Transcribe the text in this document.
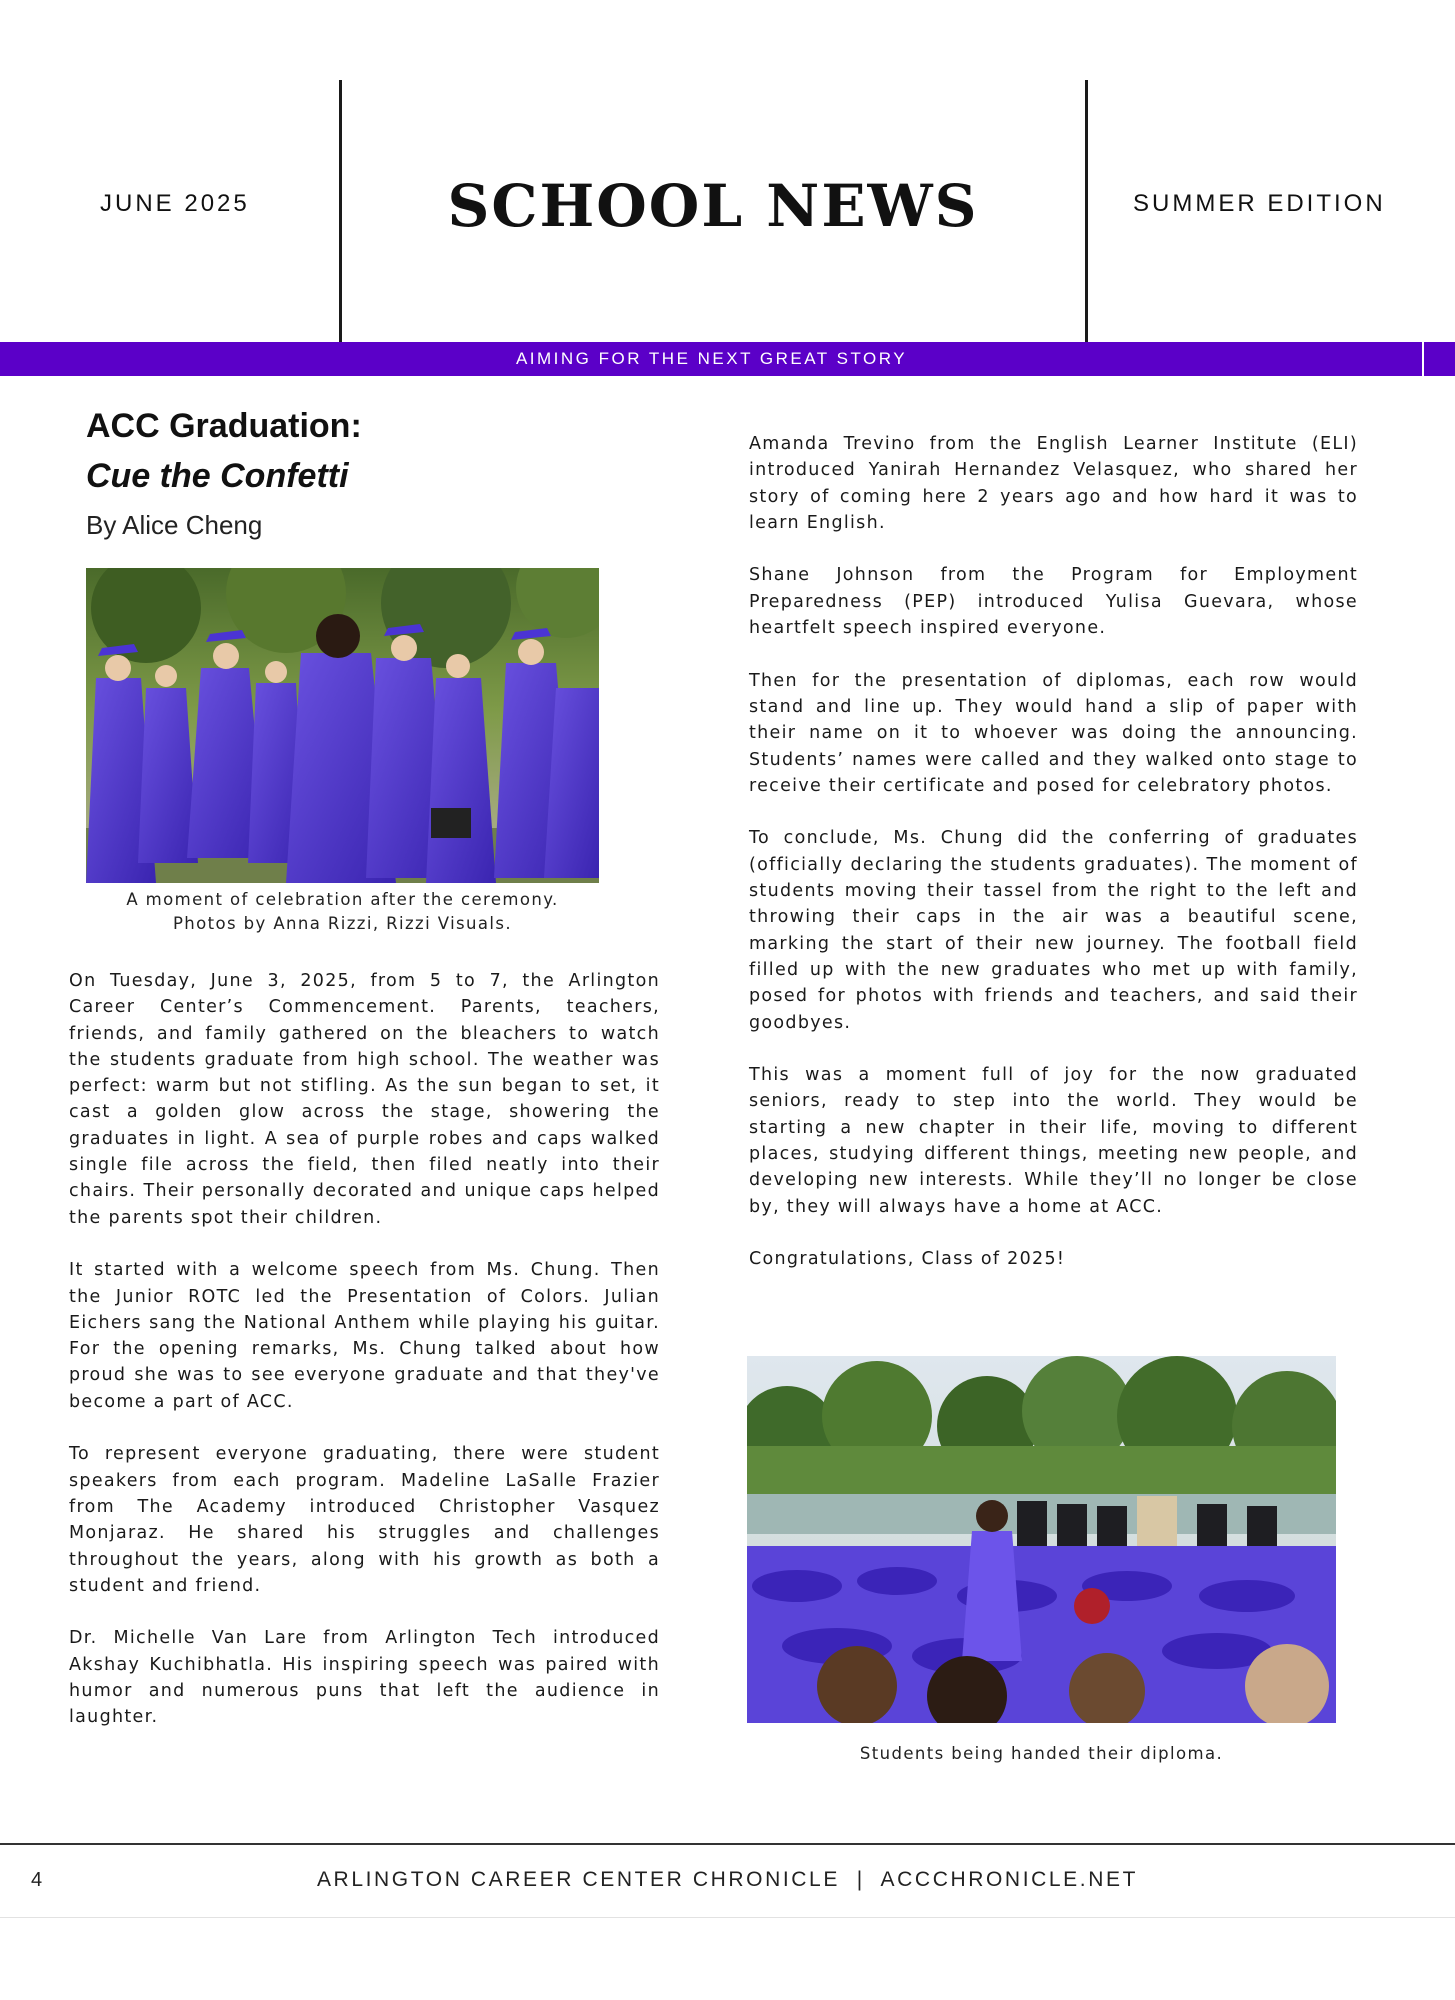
JUNE 2025	SCHOOL NEWS	SUMMER EDITION
AIMING FOR THE NEXT GREAT STORY
ACC Graduation:
Cue the Confetti
By Alice Cheng
A moment of celebration after the ceremony.
Photos by Anna Rizzi, Rizzi Visuals.

On Tuesday, June 3, 2025, from 5 to 7, the Arlington Career Center’s Commencement. Parents, teachers, friends, and family gathered on the bleachers to watch the students graduate from high school. The weather was perfect: warm but not stifling. As the sun began to set, it cast a golden glow across the stage, showering the graduates in light. A sea of purple robes and caps walked single file across the field, then filed neatly into their chairs. Their personally decorated and unique caps helped the parents spot their children.

It started with a welcome speech from Ms. Chung. Then the Junior ROTC led the Presentation of Colors. Julian Eichers sang the National Anthem while playing his guitar. For the opening remarks, Ms. Chung talked about how proud she was to see everyone graduate and that they've become a part of ACC.

To represent everyone graduating, there were student speakers from each program. Madeline LaSalle Frazier from The Academy introduced Christopher Vasquez Monjaraz. He shared his struggles and challenges throughout the years, along with his growth as both a student and friend.

Dr. Michelle Van Lare from Arlington Tech introduced Akshay Kuchibhatla. His inspiring speech was paired with humor and numerous puns that left the audience in laughter.

Amanda Trevino from the English Learner Institute (ELI) introduced Yanirah Hernandez Velasquez, who shared her story of coming here 2 years ago and how hard it was to learn English.

Shane Johnson from the Program for Employment Preparedness (PEP) introduced Yulisa Guevara, whose heartfelt speech inspired everyone.

Then for the presentation of diplomas, each row would stand and line up. They would hand a slip of paper with their name on it to whoever was doing the announcing. Students’ names were called and they walked onto stage to receive their certificate and posed for celebratory photos.

To conclude, Ms. Chung did the conferring of graduates (officially declaring the students graduates). The moment of students moving their tassel from the right to the left and throwing their caps in the air was a beautiful scene, marking the start of their new journey. The football field filled up with the new graduates who met up with family, posed for photos with friends and teachers, and said their goodbyes.

This was a moment full of joy for the now graduated seniors, ready to step into the world. They would be starting a new chapter in their life, moving to different places, studying different things, meeting new people, and developing new interests. While they’ll no longer be close by, they will always have a home at ACC.

Congratulations, Class of 2025!

Students being handed their diploma.
4	ARLINGTON CAREER CENTER CHRONICLE  |  ACCCHRONICLE.NET
